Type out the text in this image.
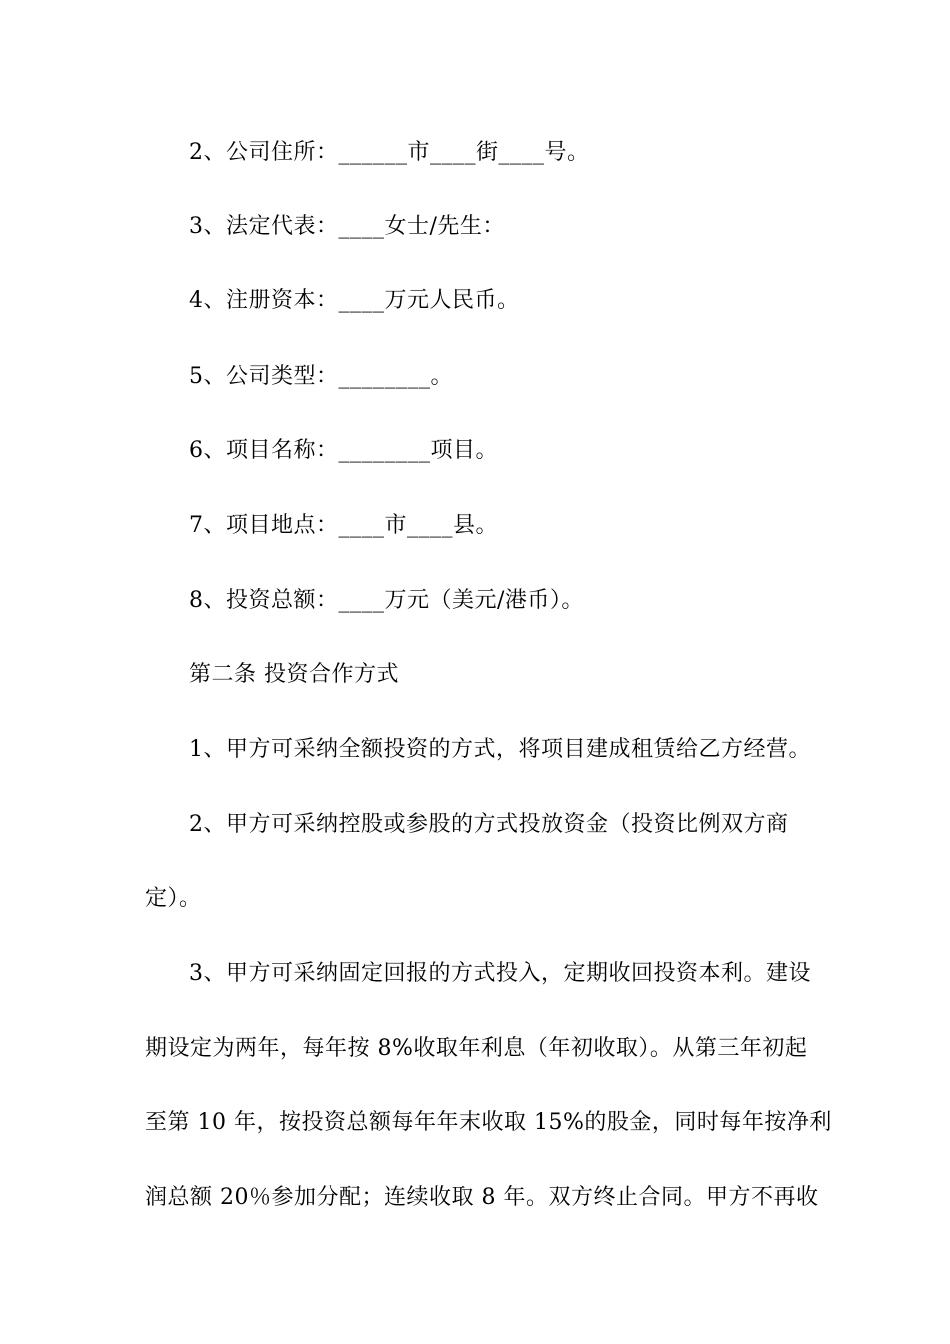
2、公司住所：______市____街____号。
3、法定代表：____女士/先生：
4、注册资本：____万元人民币。
5、公司类型：________。
6、项目名称：________项目。
7、项目地点：____市____县。
8、投资总额：____万元（美元/港币）。
第二条 投资合作方式
1、甲方可采纳全额投资的方式，将项目建成租赁给乙方经营。
2、甲方可采纳控股或参股的方式投放资金（投资比例双方商
定）。
3、甲方可采纳固定回报的方式投入，定期收回投资本利。建设
期设定为两年，每年按 8%收取年利息（年初收取）。从第三年初起
至第 10 年，按投资总额每年年末收取 15%的股金，同时每年按净利
润总额 20％参加分配；连续收取 8 年。双方终止合同。甲方不再收
